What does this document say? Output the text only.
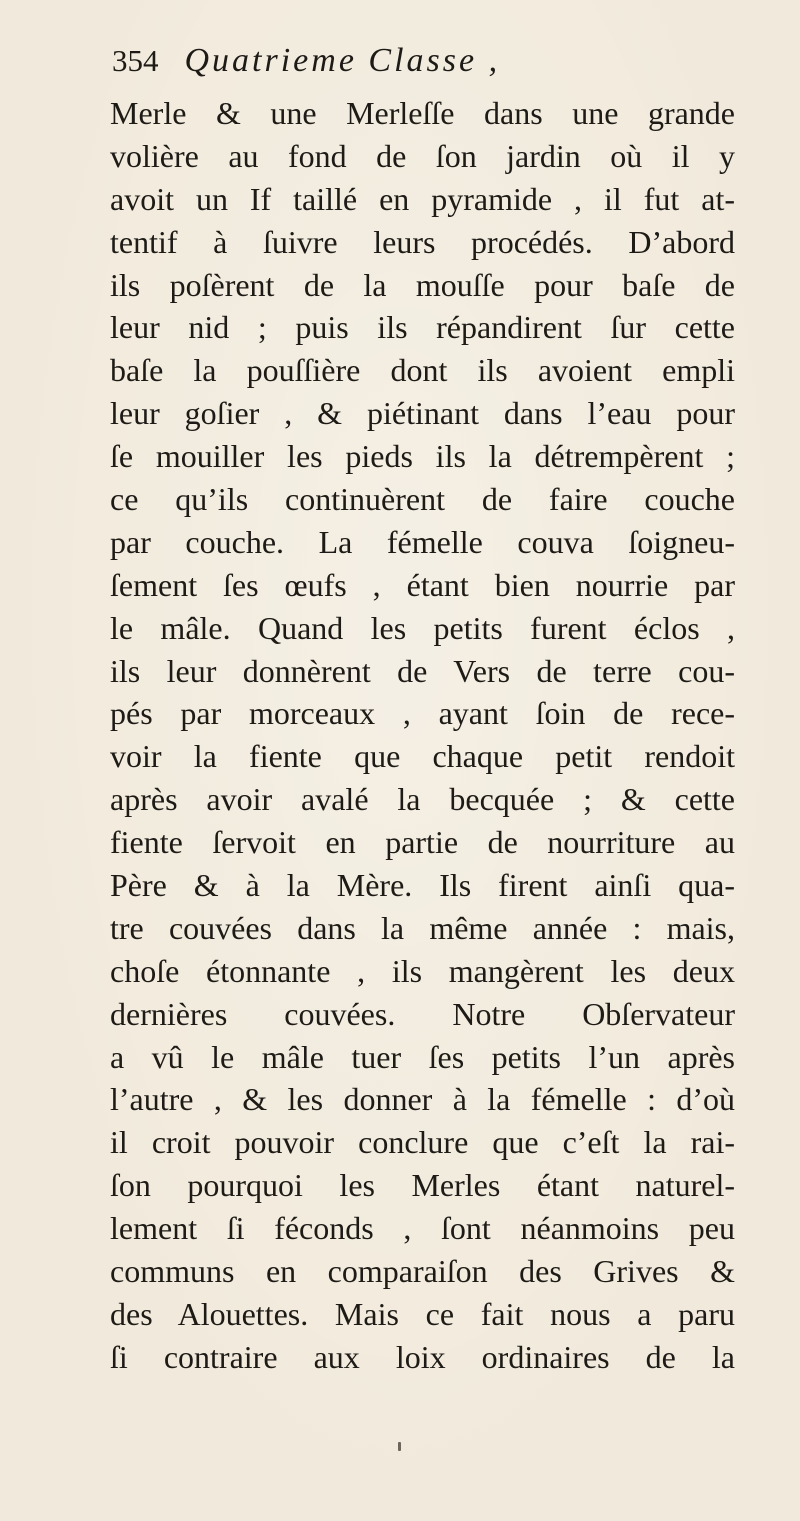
354 Quatrieme Classe ,
Merle & une Merleſſe dans une grande
volière au fond de ſon jardin où il y
avoit un If taillé en pyramide , il fut at-
tentif à ſuivre leurs procédés. D’abord
ils poſèrent de la mouſſe pour baſe de
leur nid ; puis ils répandirent ſur cette
baſe la pouſſière dont ils avoient empli
leur goſier , & piétinant dans l’eau pour
ſe mouiller les pieds ils la détrempèrent ;
ce qu’ils continuèrent de faire couche
par couche. La fémelle couva ſoigneu-
ſement ſes œufs , étant bien nourrie par
le mâle. Quand les petits furent éclos ,
ils leur donnèrent de Vers de terre cou-
pés par morceaux , ayant ſoin de rece-
voir la fiente que chaque petit rendoit
après avoir avalé la becquée ; & cette
fiente ſervoit en partie de nourriture au
Père & à la Mère. Ils firent ainſi qua-
tre couvées dans la même année : mais,
choſe étonnante , ils mangèrent les deux
dernières couvées. Notre Obſervateur
a vû le mâle tuer ſes petits l’un après
l’autre , & les donner à la fémelle : d’où
il croit pouvoir conclure que c’eſt la rai-
ſon pourquoi les Merles étant naturel-
lement ſi féconds , ſont néanmoins peu
communs en comparaiſon des Grives &
des Alouettes. Mais ce fait nous a paru
ſi contraire aux loix ordinaires de la
